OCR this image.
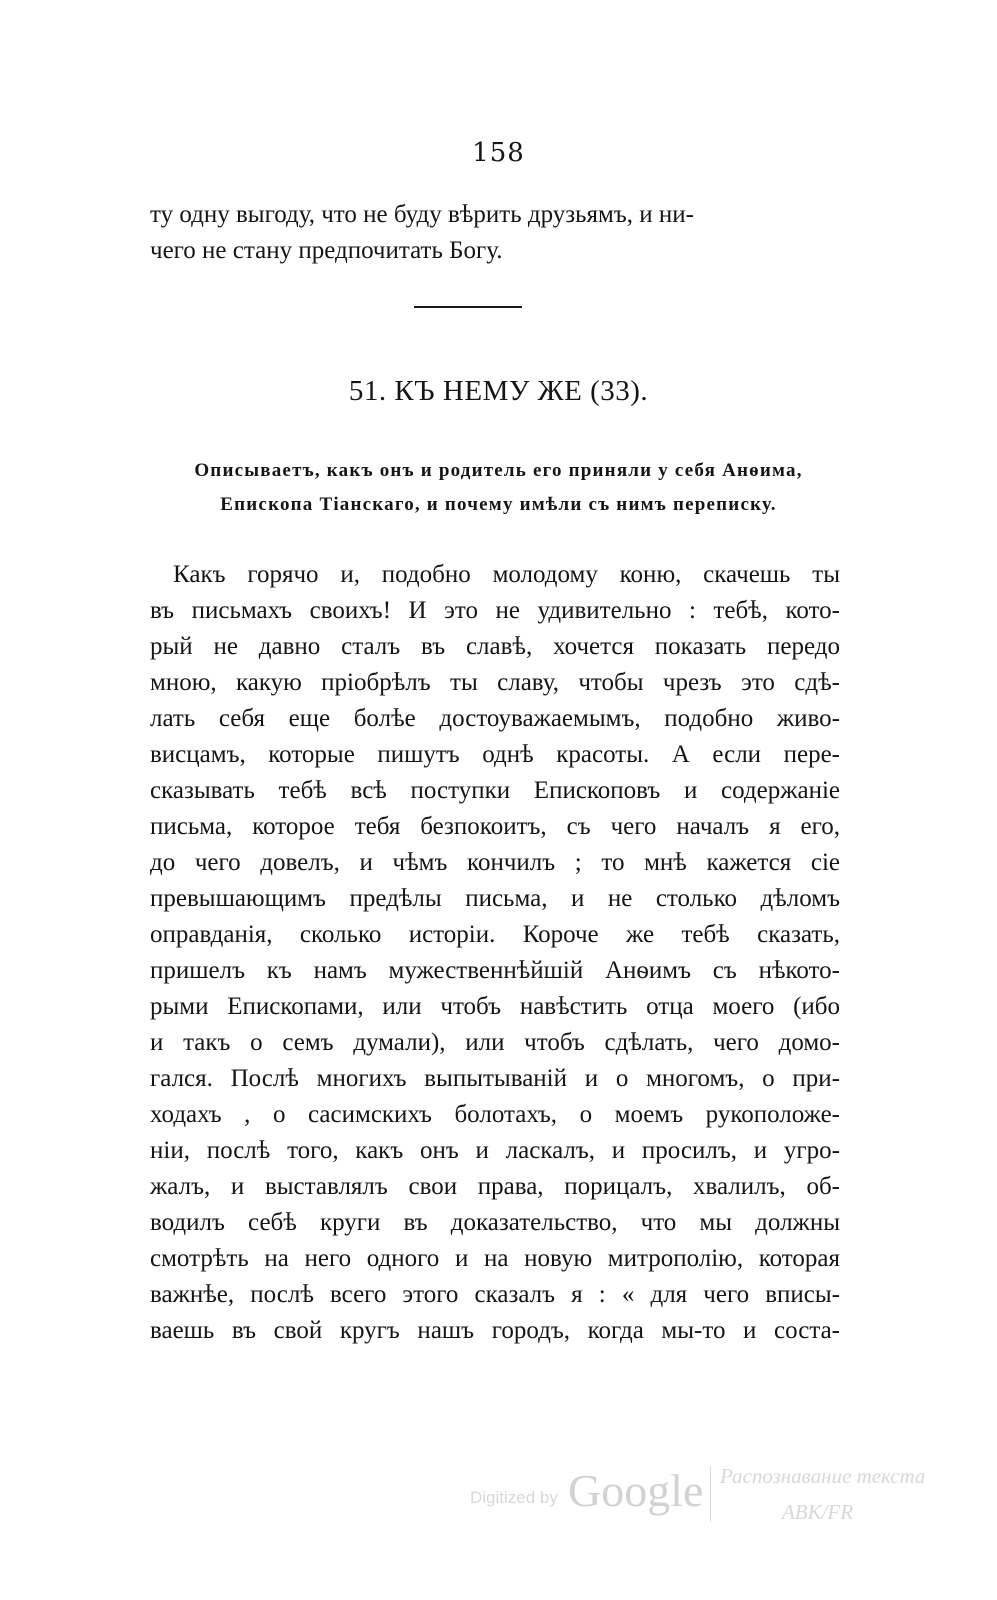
158
ту одну выгоду, что не буду вѣрить друзьямъ, и ни-
чего не стану предпочитать Богу.
51. КЪ НЕМУ ЖЕ (33).
Описываетъ, какъ онъ и родитель его приняли у себя Анѳима,
Епископа Тіанскаго, и почему имѣли съ нимъ переписку.
Какъ горячо и, подобно молодому коню, скачешь ты
въ письмахъ своихъ! И это не удивительно : тебѣ, кото-
рый не давно сталъ въ славѣ, хочется показать передо
мною, какую пріобрѣлъ ты славу, чтобы чрезъ это сдѣ-
лать себя еще болѣе достоуважаемымъ, подобно живо-
висцамъ, которые пишутъ однѣ красоты. А если пере-
сказывать тебѣ всѣ поступки Епископовъ и содержаніе
письма, которое тебя безпокоитъ, съ чего началъ я его,
до чего довелъ, и чѣмъ кончилъ ; то мнѣ кажется сіе
превышающимъ предѣлы письма, и не столько дѣломъ
оправданія, сколько исторіи. Короче же тебѣ сказать,
пришелъ къ намъ мужественнѣйшій Анѳимъ съ нѣкото-
рыми Епископами, или чтобъ навѣстить отца моего (ибо
и такъ о семъ думали), или чтобъ сдѣлать, чего домо-
гался. Послѣ многихъ выпытываній и о многомъ, о при-
ходахъ , о сасимскихъ болотахъ, о моемъ рукоположе-
ніи, послѣ того, какъ онъ и ласкалъ, и просилъ, и угро-
жалъ, и выставлялъ свои права, порицалъ, хвалилъ, об-
водилъ себѣ круги въ доказательство, что мы должны
смотрѣть на него одного и на новую митрополію, которая
важнѣе, послѣ всего этого сказалъ я : « для чего вписы-
ваешь въ свой кругъ нашъ городъ, когда мы-то и соста-
Digitized by Google Распознавание текста
АВК/FR
